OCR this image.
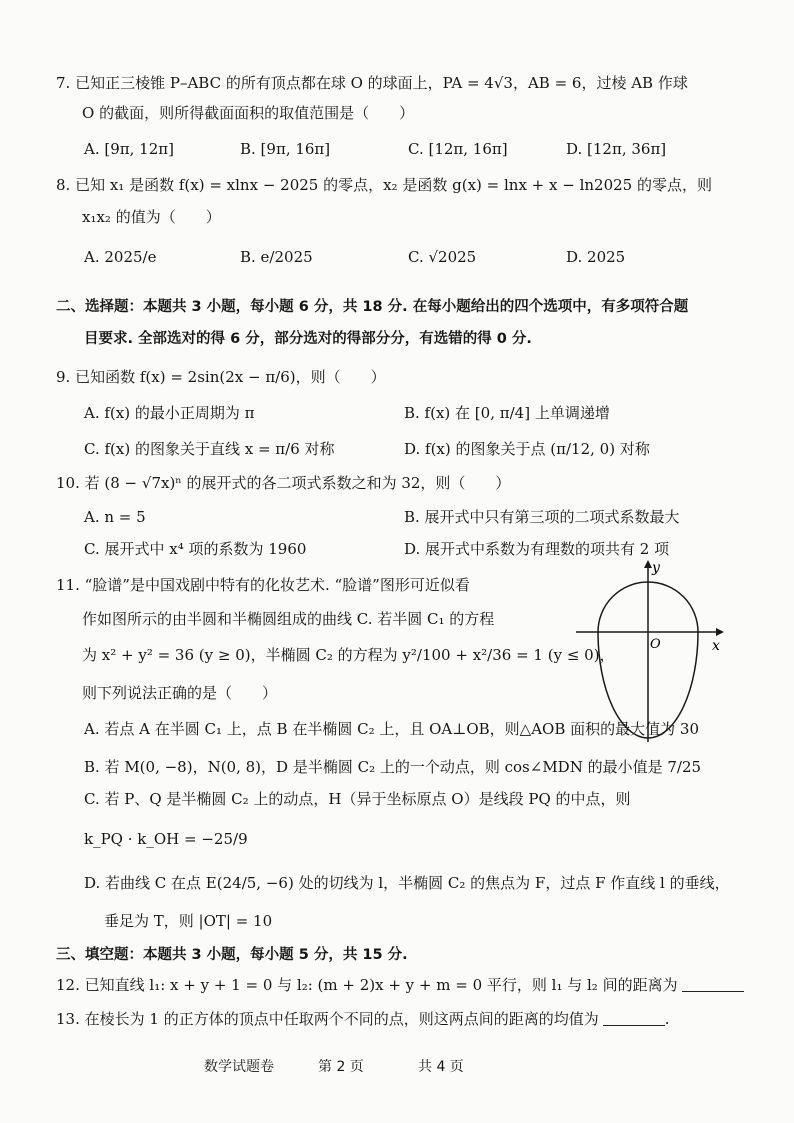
7. 已知正三棱锥 P–ABC 的所有顶点都在球 O 的球面上，PA = 4√3，AB = 6，过棱 AB 作球
O 的截面，则所得截面面积的取值范围是（　　）
A. [9π, 12π]	B. [9π, 16π]	C. [12π, 16π]	D. [12π, 36π]
8. 已知 x₁ 是函数 f(x) = xlnx − 2025 的零点，x₂ 是函数 g(x) = lnx + x − ln2025 的零点，则
x₁x₂ 的值为（　　）
A. 2025/e	B. e/2025	C. √2025	D. 2025
二、选择题：本题共 3 小题，每小题 6 分，共 18 分. 在每小题给出的四个选项中，有多项符合题
目要求. 全部选对的得 6 分，部分选对的得部分分，有选错的得 0 分.
9. 已知函数 f(x) = 2sin(2x − π/6)，则（　　）
A. f(x) 的最小正周期为 π	B. f(x) 在 [0, π/4] 上单调递增
C. f(x) 的图象关于直线 x = π/6 对称	D. f(x) 的图象关于点 (π/12, 0) 对称
10. 若 (8 − √7x)ⁿ 的展开式的各二项式系数之和为 32，则（　　）
A. n = 5	B. 展开式中只有第三项的二项式系数最大
C. 展开式中 x⁴ 项的系数为 1960	D. 展开式中系数为有理数的项共有 2 项
11. “脸谱”是中国戏剧中特有的化妆艺术. “脸谱”图形可近似看
作如图所示的由半圆和半椭圆组成的曲线 C. 若半圆 C₁ 的方程
为 x² + y² = 36 (y ≥ 0)，半椭圆 C₂ 的方程为 y²/100 + x²/36 = 1 (y ≤ 0)，
则下列说法正确的是（　　）
y
x
O
A. 若点 A 在半圆 C₁ 上，点 B 在半椭圆 C₂ 上，且 OA⊥OB，则△AOB 面积的最大值为 30
B. 若 M(0, −8)，N(0, 8)，D 是半椭圆 C₂ 上的一个动点，则 cos∠MDN 的最小值是 7/25
C. 若 P、Q 是半椭圆 C₂ 上的动点，H（异于坐标原点 O）是线段 PQ 的中点，则
k_PQ · k_OH = −25/9
D. 若曲线 C 在点 E(24/5, −6) 处的切线为 l，半椭圆 C₂ 的焦点为 F，过点 F 作直线 l 的垂线，
垂足为 T，则 |OT| = 10
三、填空题：本题共 3 小题，每小题 5 分，共 15 分.
12. 已知直线 l₁: x + y + 1 = 0 与 l₂: (m + 2)x + y + m = 0 平行，则 l₁ 与 l₂ 间的距离为
13. 在棱长为 1 的正方体的顶点中任取两个不同的点，则这两点间的距离的均值为	.
数学试题卷	第 2 页	共 4 页
